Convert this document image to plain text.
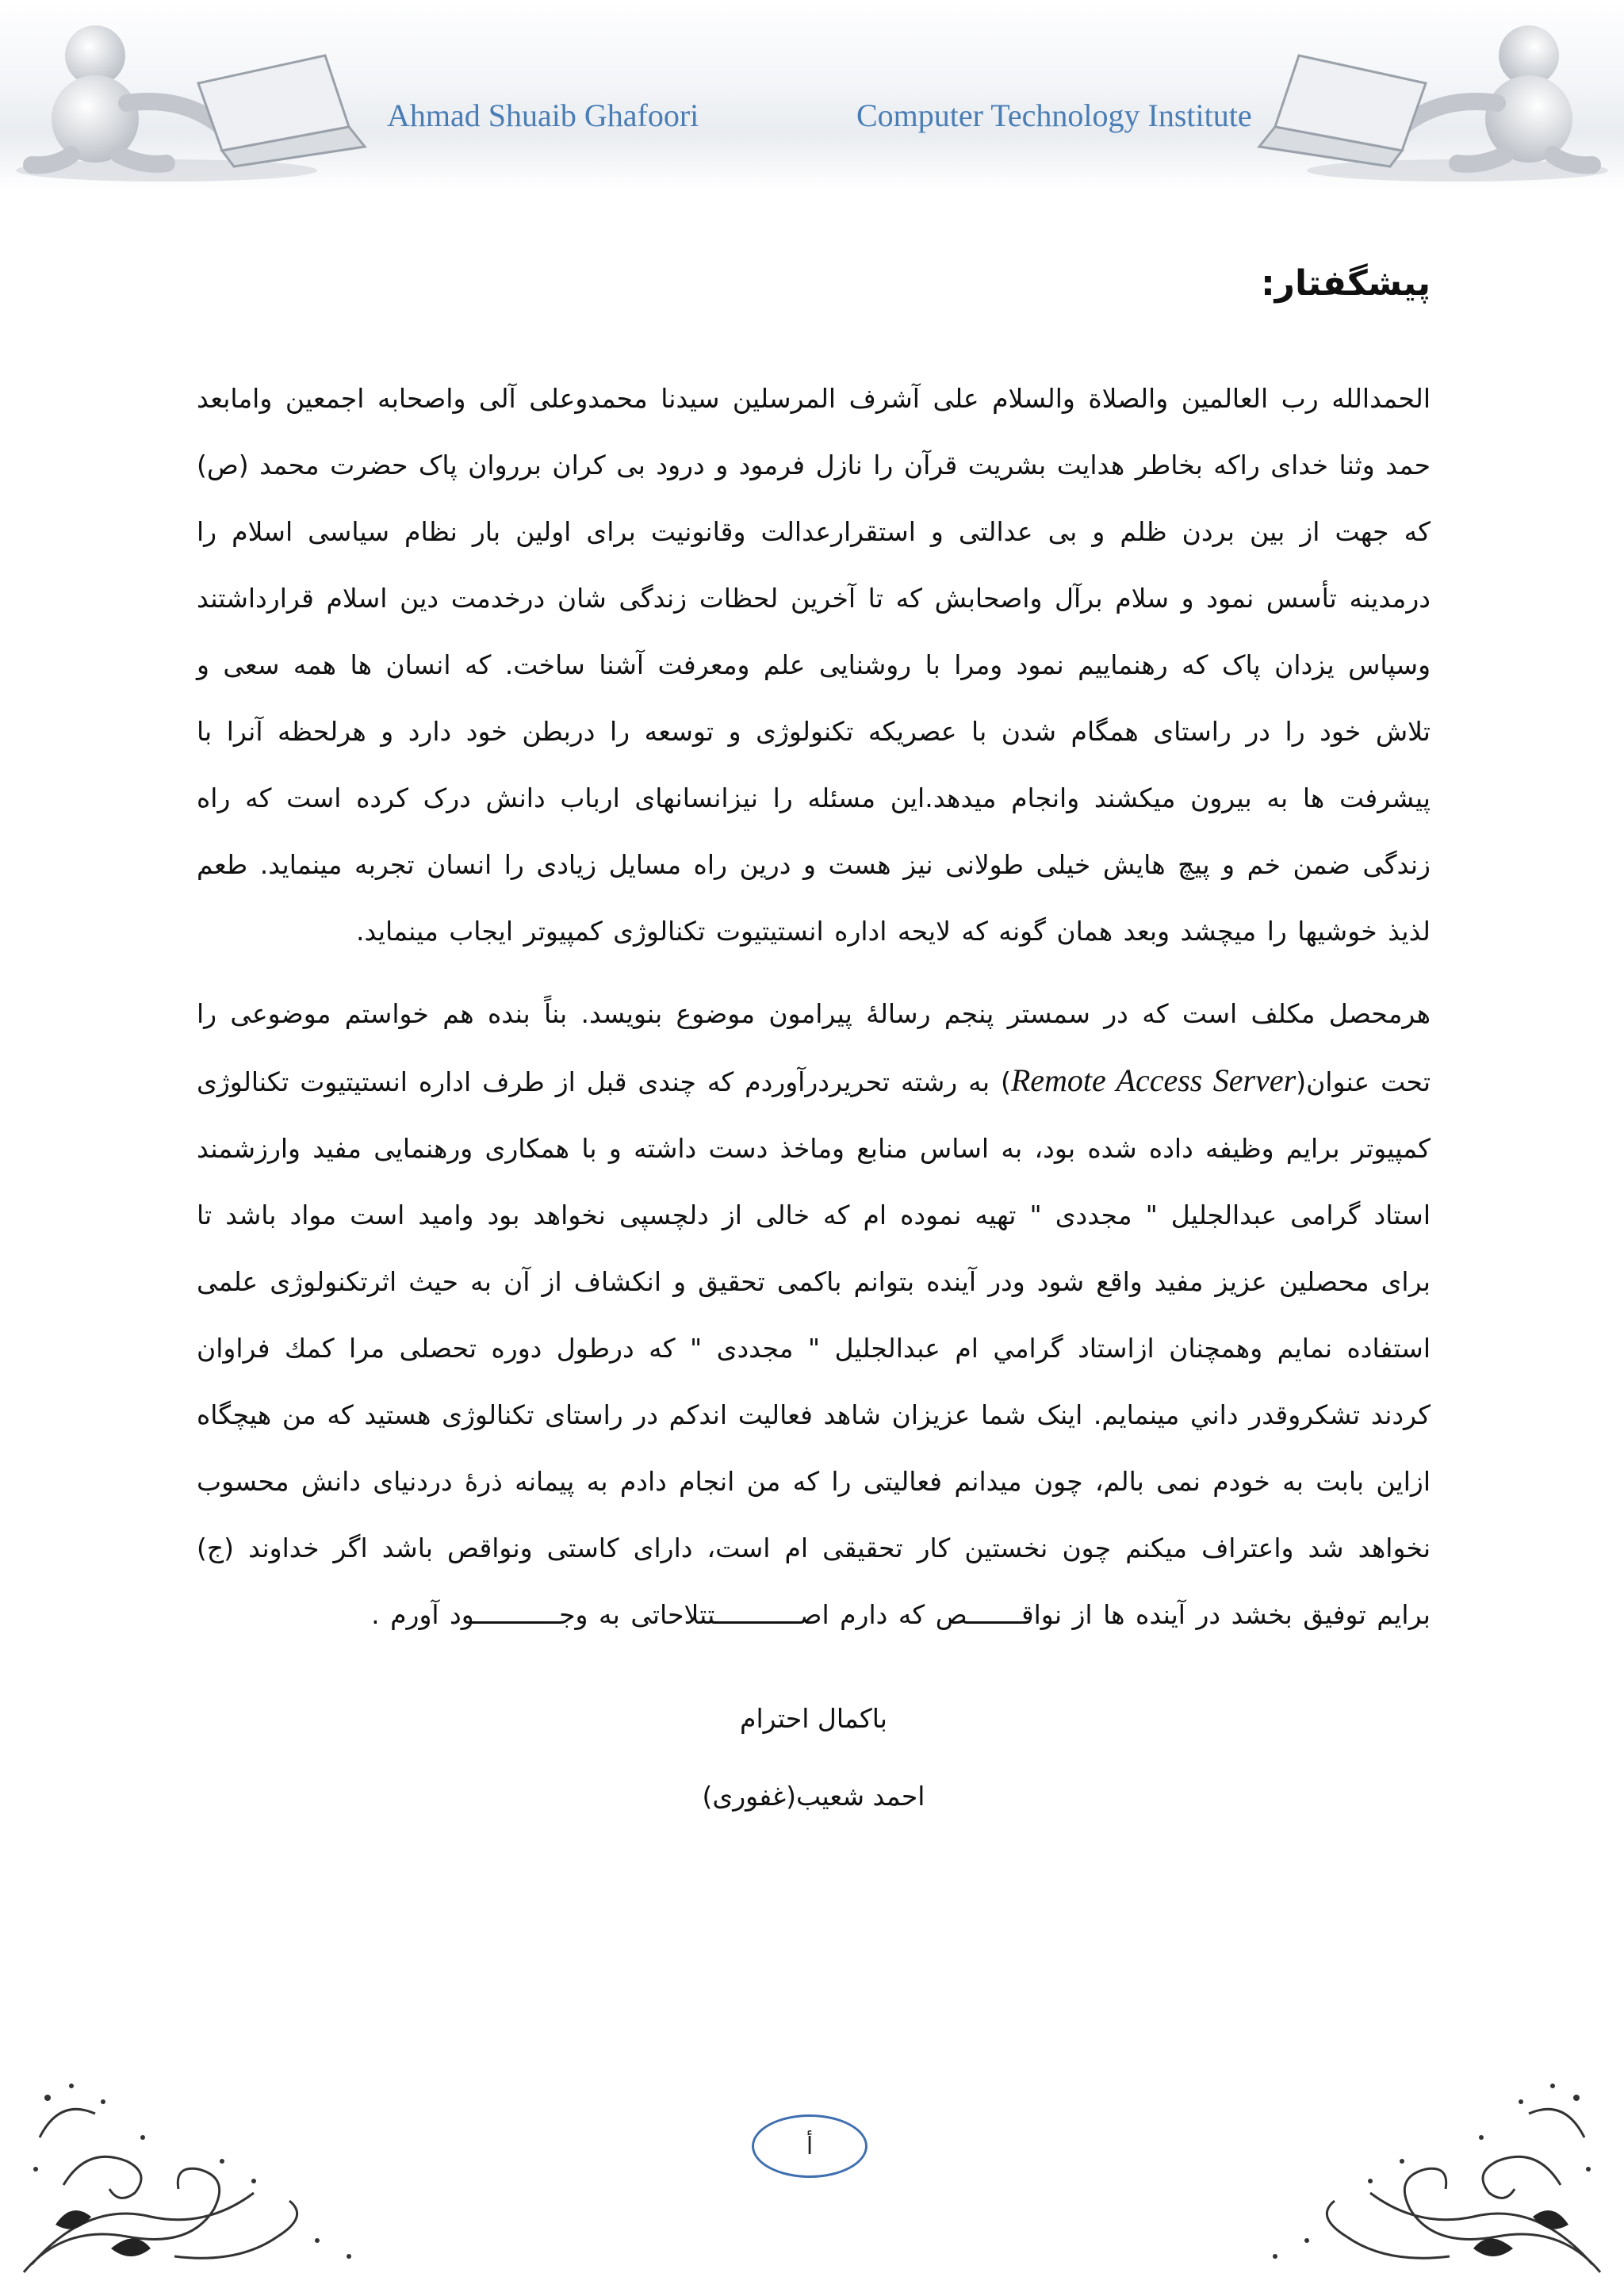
Ahmad Shuaib Ghafoori	Computer Technology Institute
پیشگفتار:

الحمدالله رب العالمین والصلاة والسلام علی آشرف المرسلین سیدنا محمدوعلی آلی واصحابه اجمعین وامابعد حمد وثنا خدای راکه بخاطر هدایت بشریت قرآن را نازل فرمود و درود بی کران برروان پاک حضرت محمد (ص) که جهت از بین بردن ظلم و بی عدالتی و استقرارعدالت وقانونیت برای اولین بار نظام سیاسی اسلام را درمدینه تأسس نمود و سلام برآل واصحابش که تا آخرین لحظات زندگی شان درخدمت دین اسلام قرارداشتند وسپاس یزدان پاک که رهنماییم نمود ومرا با روشنایی علم ومعرفت آشنا ساخت. که انسان ها همه سعی و تلاش خود را در راستای همگام شدن با عصریکه تکنولوژی و توسعه را دربطن خود دارد و هرلحظه آنرا با پیشرفت ها به بیرون میکشند وانجام میدهد.این مسئله را نیزانسانهای ارباب دانش درک کرده است که راه زندگی ضمن خم و پیچ هایش خیلی طولانی نیز هست و درین راه مسایل زیادی را انسان تجربه مینماید. طعم لذیذ خوشیها را میچشد وبعد همان گونه که لایحه اداره انستیتیوت تکنالوژی کمپیوتر ایجاب مینماید.

هرمحصل مکلف است که در سمستر پنجم رسالهٔ پیرامون موضوع بنویسد. بناً بنده هم خواستم موضوعی را تحت عنوان(Remote Access Server) به رشته تحریردرآوردم که چندی قبل از طرف اداره انستیتیوت تکنالوژی کمپیوتر برایم وظیفه داده شده بود، به اساس منابع وماخذ دست داشته و با همکاری ورهنمایی مفید وارزشمند استاد گرامی عبدالجلیل " مجددی " تهیه نموده ام که خالی از دلچسپی نخواهد بود وامید است مواد باشد تا برای محصلین عزیز مفید واقع شود ودر آینده بتوانم باکمی تحقیق و انکشاف از آن به حیث اثرتکنولوژی علمی استفاده نمایم وهمچنان ازاستاد گرامي ام عبدالجلیل " مجددی " که درطول دوره تحصلی مرا كمك فراوان كردند تشكروقدر داني مينمايم. اینک شما عزیزان شاهد فعالیت اندکم در راستای تکنالوژی هستید که من هیچگاه ازاین بابت به خودم نمی بالم، چون میدانم فعالیتی را که من انجام دادم به پیمانه ذرۀ دردنیای دانش محسوب نخواهد شد واعتراف میکنم چون نخستین کار تحقیقی ام است، دارای کاستی ونواقص باشد اگر خداوند (ج) برایم توفیق بخشد در آینده ها از نواقـــــــص که دارم اصـــــــــــتتلاحاتی به وجـــــــــــود آورم .

باکمال احترام
احمد شعیب(غفوری)
أ
